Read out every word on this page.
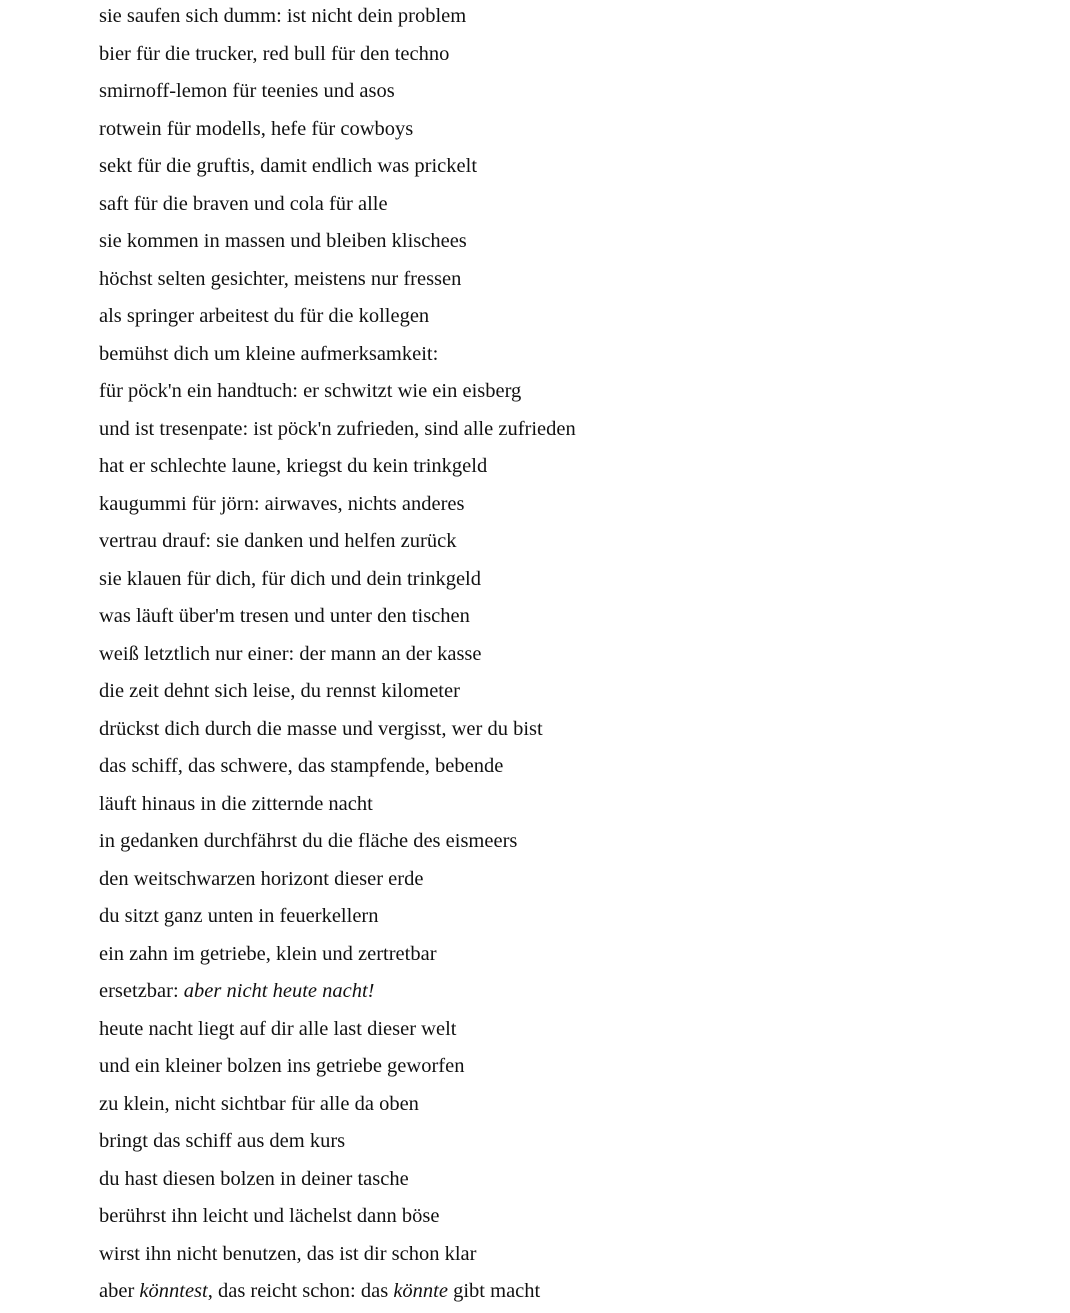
sie saufen sich dumm: ist nicht dein problem
bier für die trucker, red bull für den techno
smirnoff-lemon für teenies und asos
rotwein für modells, hefe für cowboys
sekt für die gruftis, damit endlich was prickelt
saft für die braven und cola für alle
sie kommen in massen und bleiben klischees
höchst selten gesichter, meistens nur fressen
als springer arbeitest du für die kollegen
bemühst dich um kleine aufmerksamkeit:
für pöck'n ein handtuch: er schwitzt wie ein eisberg
und ist tresenpate: ist pöck'n zufrieden, sind alle zufrieden
hat er schlechte laune, kriegst du kein trinkgeld
kaugummi für jörn: airwaves, nichts anderes
vertrau drauf: sie danken und helfen zurück
sie klauen für dich, für dich und dein trinkgeld
was läuft über'm tresen und unter den tischen
weiß letztlich nur einer: der mann an der kasse
die zeit dehnt sich leise, du rennst kilometer
drückst dich durch die masse und vergisst, wer du bist
das schiff, das schwere, das stampfende, bebende
läuft hinaus in die zitternde nacht
in gedanken durchfährst du die fläche des eismeers
den weitschwarzen horizont dieser erde
du sitzt ganz unten in feuerkellern
ein zahn im getriebe, klein und zertretbar
ersetzbar: aber nicht heute nacht!
heute nacht liegt auf dir alle last dieser welt
und ein kleiner bolzen ins getriebe geworfen
zu klein, nicht sichtbar für alle da oben
bringt das schiff aus dem kurs
du hast diesen bolzen in deiner tasche
berührst ihn leicht und lächelst dann böse
wirst ihn nicht benutzen, das ist dir schon klar
aber könntest, das reicht schon: das könnte gibt macht
